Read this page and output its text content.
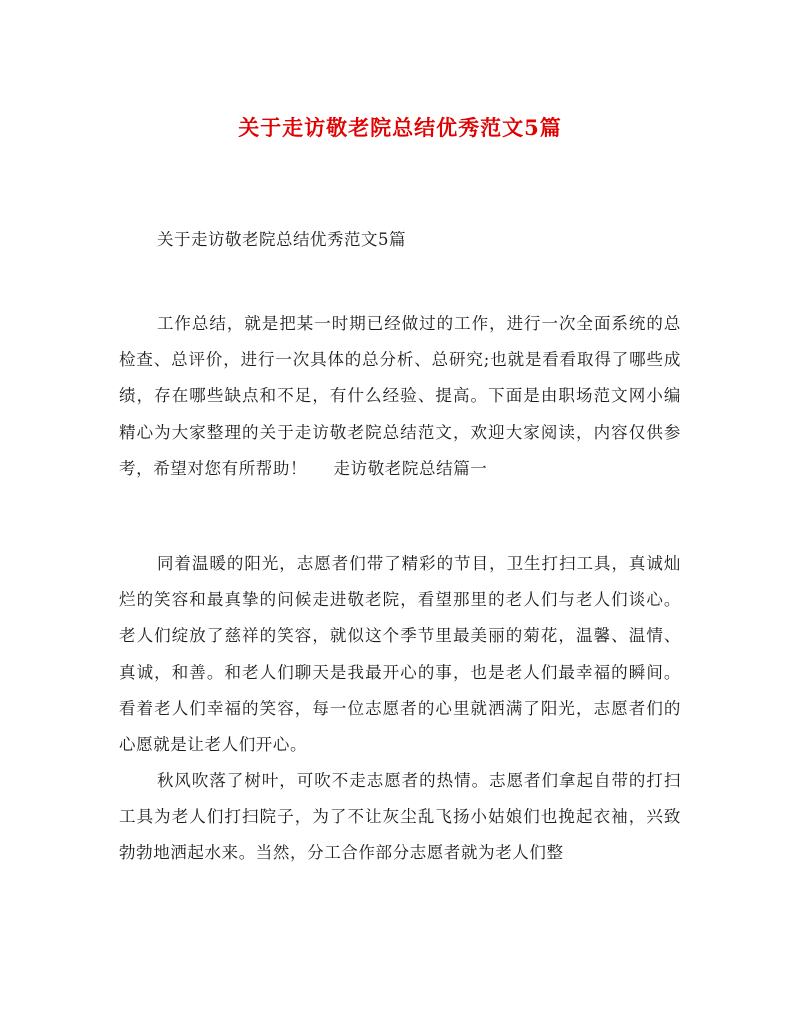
关于走访敬老院总结优秀范文5篇
关于走访敬老院总结优秀范文5篇

工作总结，就是把某一时期已经做过的工作，进行一次全面系统的总检查、总评价，进行一次具体的总分析、总研究;也就是看看取得了哪些成绩，存在哪些缺点和不足，有什么经验、提高。下面是由职场范文网小编精心为大家整理的关于走访敬老院总结范文，欢迎大家阅读，内容仅供参考，希望对您有所帮助！ 走访敬老院总结篇一

同着温暖的阳光，志愿者们带了精彩的节目，卫生打扫工具，真诚灿烂的笑容和最真挚的问候走进敬老院，看望那里的老人们与老人们谈心。老人们绽放了慈祥的笑容，就似这个季节里最美丽的菊花，温馨、温情、真诚，和善。和老人们聊天是我最开心的事，也是老人们最幸福的瞬间。看着老人们幸福的笑容，每一位志愿者的心里就洒满了阳光，志愿者们的心愿就是让老人们开心。

秋风吹落了树叶，可吹不走志愿者的热情。志愿者们拿起自带的打扫工具为老人们打扫院子，为了不让灰尘乱飞扬小姑娘们也挽起衣袖，兴致勃勃地洒起水来。当然，分工合作部分志愿者就为老人们整
